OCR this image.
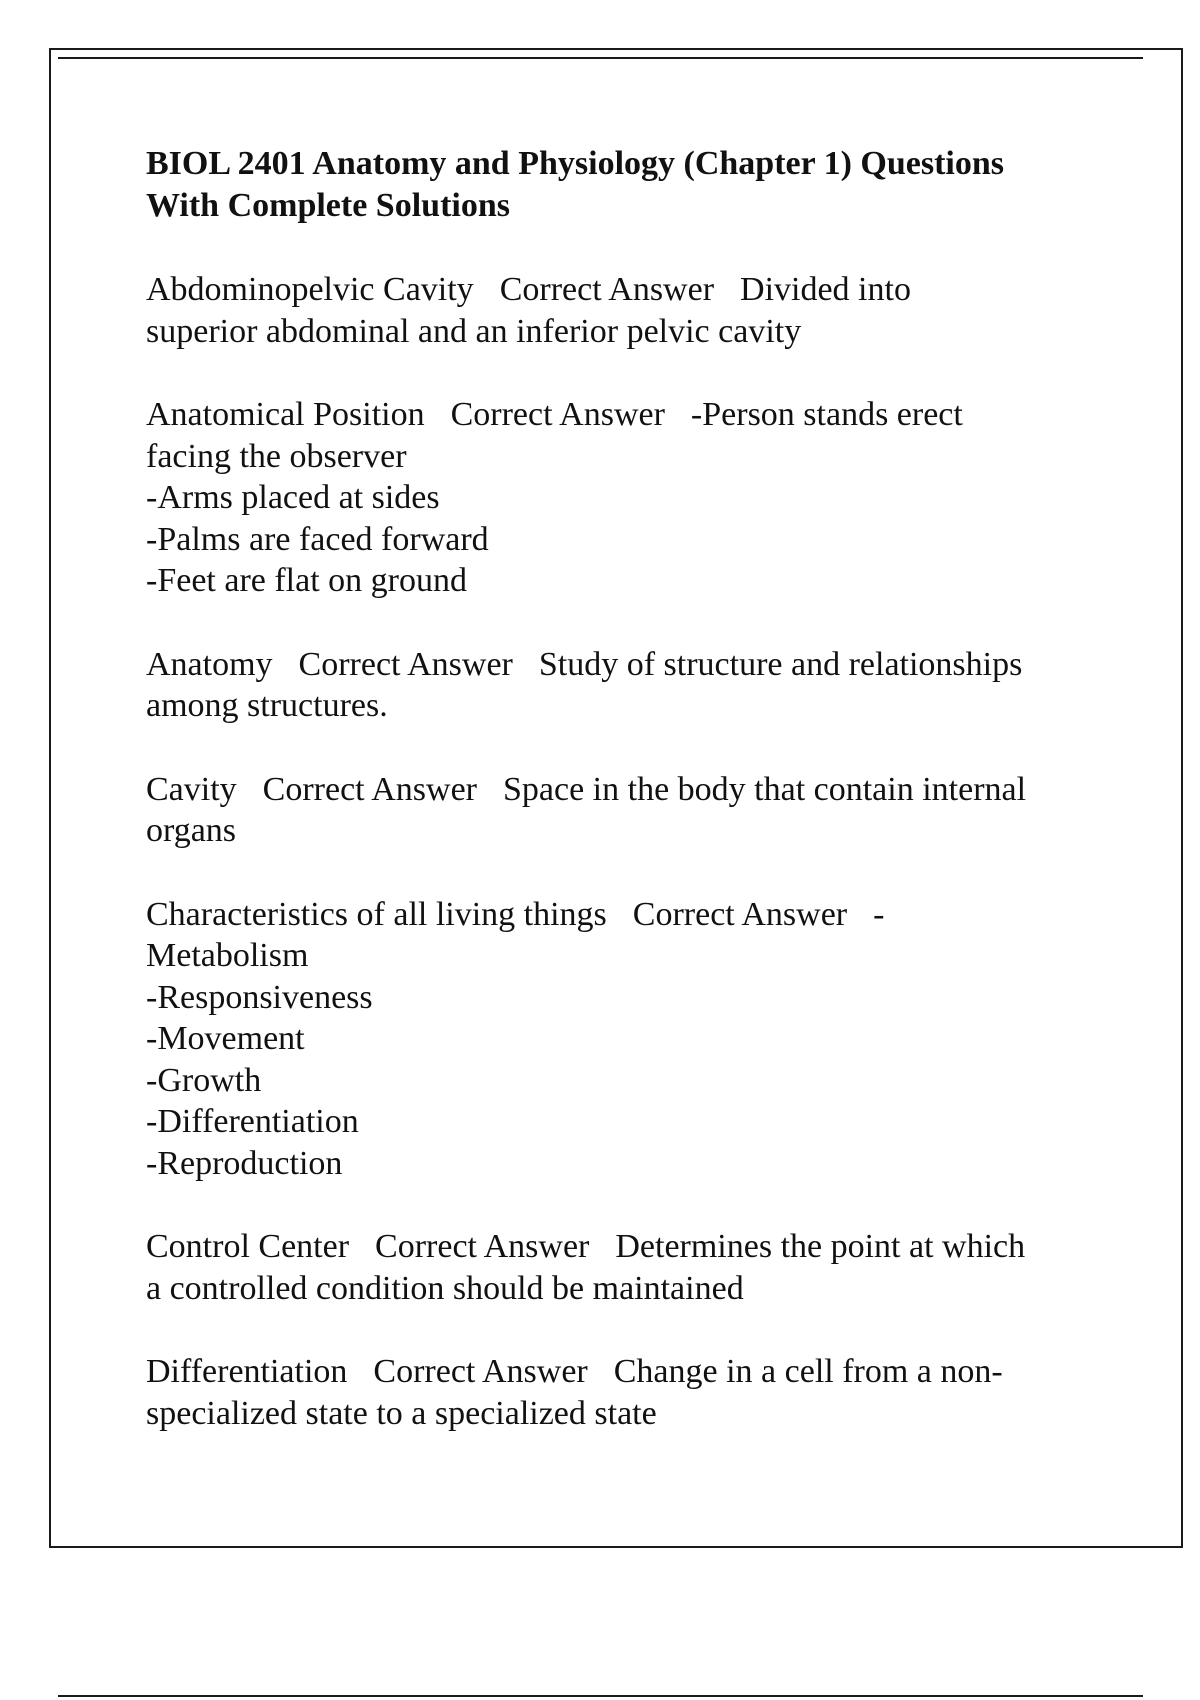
BIOL 2401 Anatomy and Physiology (Chapter 1) Questions
With Complete Solutions
Abdominopelvic Cavity Correct Answer Divided into
superior abdominal and an inferior pelvic cavity
Anatomical Position Correct Answer -Person stands erect
facing the observer
-Arms placed at sides
-Palms are faced forward
-Feet are flat on ground
Anatomy Correct Answer Study of structure and relationships
among structures.
Cavity Correct Answer Space in the body that contain internal
organs
Characteristics of all living things Correct Answer -
Metabolism
-Responsiveness
-Movement
-Growth
-Differentiation
-Reproduction
Control Center Correct Answer Determines the point at which
a controlled condition should be maintained
Differentiation Correct Answer Change in a cell from a non-
specialized state to a specialized state
